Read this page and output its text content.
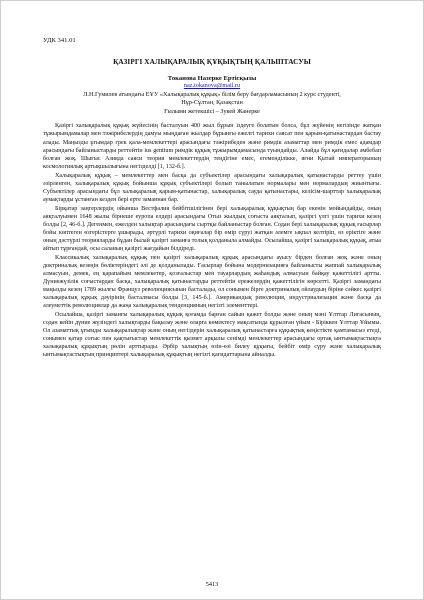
УДК 341.01
ҚАЗІРГІ ХАЛЫҚАРАЛЫҚ ҚҰҚЫҚТЫҢ ҚАЛЫПТАСУЫ
Токанова Назерке Ертісқызы
naz.tokanova@mail.ru
Л.Н.Гумилев атындағы ЕҰУ «Халықаралық құқық» білім беру бағдарламасының 2 курс студенті,
Нұр-Сұлтан, Қазақстан
Ғылыми жетекшісі – Зукей Жанерке

Қазіргі халықаралық құқық жүйесінің басталуын 400 жыл бұрын іздеуге болатын болса, бұл жүйенің негізінде жатқан тұжырымдамалар мен тәжірибелердің дамуы мыңдаған жылдар бұрынғы ежелгі тарихи саясат пен қарым-қатынастардан бастау алады. Маңызды ұғымдар грек қала-мемлекеттері арасындағы тәжірибеден және римдік азаматтар мен римдік емес адамдар арасындағы байланыстарды реттейтін ius gentium римдік құқық тұжырымдамасында туындайды. Алайда бұл қағидалар әмбебап болған жоқ. Шығыс Азияда саяси теория мемлекеттердің теңдігіне емес, егеменділікке, яғни Қытай императорының космологиялық артықшылығына негізделді [1, 132-б.].

Халықаралық құқық – мемлекеттер мен басқа да субъектілер арасындағы халықаралық қатынастарды реттеу үшін әзірленген, халықаралық құқық бойынша құқық субъектілері болып танылатын нормалары мен нормалардың жиынтығы. Субъектілер арасындағы бұл халықаралық қарым-қатынастар, халықаралық сауда қатынастары, келісім-шарттар халықаралық аумақтарды ұстанған кезден бері ерте заманнан бар.

Бірқатар заңгерлердің ойынша Вестфалия бейбітшілігінен бері халықаралық құқықтың бар екенін мойындайды, оның аяқталуымен 1648 жылы бірнеше еуропа елдері арасындағы Отыз жылдық соғыста аяқталып, қазіргі үлгі үшін тарихи кезең болды [2, 46-б.]. Дегенмен, ежелден халықтар арасындағы сыртқы байланыстар болған. Содан бері халықаралық құқық ғасырлар бойы көптеген өзгерістерге ұшырады, әртүрлі тарихи оқиғалар бір өмір сүруі жатқан әлемге ықпал келтіріп, өз еріктіге және оның дәстүрлі теорияларды бұдан былай қазіргі заманға толық қолданыла алмайды. Осылайша, қазіргі халықаралық құқық, атыа айтып тұрғандай, осы саланың қазіргі жағдайын білдіреді.

Классикалық халықаралық құқық пен қазіргі халықаралық құқық арасындағы ауысу бірден болған жоқ және оның доктриналық кезеңін бөліктеріндегі әлі де қолданылады. Ғасырлар бойына модернизацияға байланысты жаппай халықаралық алмасуын, демек, ең қарапайым мемлекетер, қозғалыстар мен тауарлардың жаһандық алмасуын байқау қажеттілігі артты. Дүниежүзілік соғыстардан басқа, халықаралық қатынастарды реттейтін ережелердің қажеттілігін көрсетті. Қазіргі замандағы маңызды кезең 1789 жылғы Француз революциясынан басталады, ол сонымен бірге доктриналық ойлаудың біріне сәйкес қазіргі халықаралық құқық дәуірінің басталмасы болды [3, 145-б.]. Американдық революция, индустриализация және басқа да әлеуметтік революциялар да жаңа халықаралық тенденцияның негізгі элементтері.

Осылайша, қазіргі заманғы халықаралық құқық қоғамда барған сайын қажет болды және оның мәні Ұлттар Лигасының, содан кейін дүние жүзіндегі халықтарды бақылау және оларға көмектесу мақсатында құрылған үйым - Біріккен Ұлттар Ұйымы. Ол азаматтық ұғымды халықаралықтар және оның негіздерін халықаралық қатынастарға құқықтық кеңістікте қамтамасыз етеді, сонымен қатар соғыс пен қақтығыстар мемлекеттік қызмет арқылы сенімді мемлекеттер арасындағы ортақ ынтымақтастықта халықаралық құқықтың рөлін арттырады. Әрбір халықтың өзін-өзі билеу құқығы, бейбіт өмір сүру және халықаралық ынтымақтастықтың принциптері халықаралық құқықтың негізгі қағидаттарына айналды.

5413
